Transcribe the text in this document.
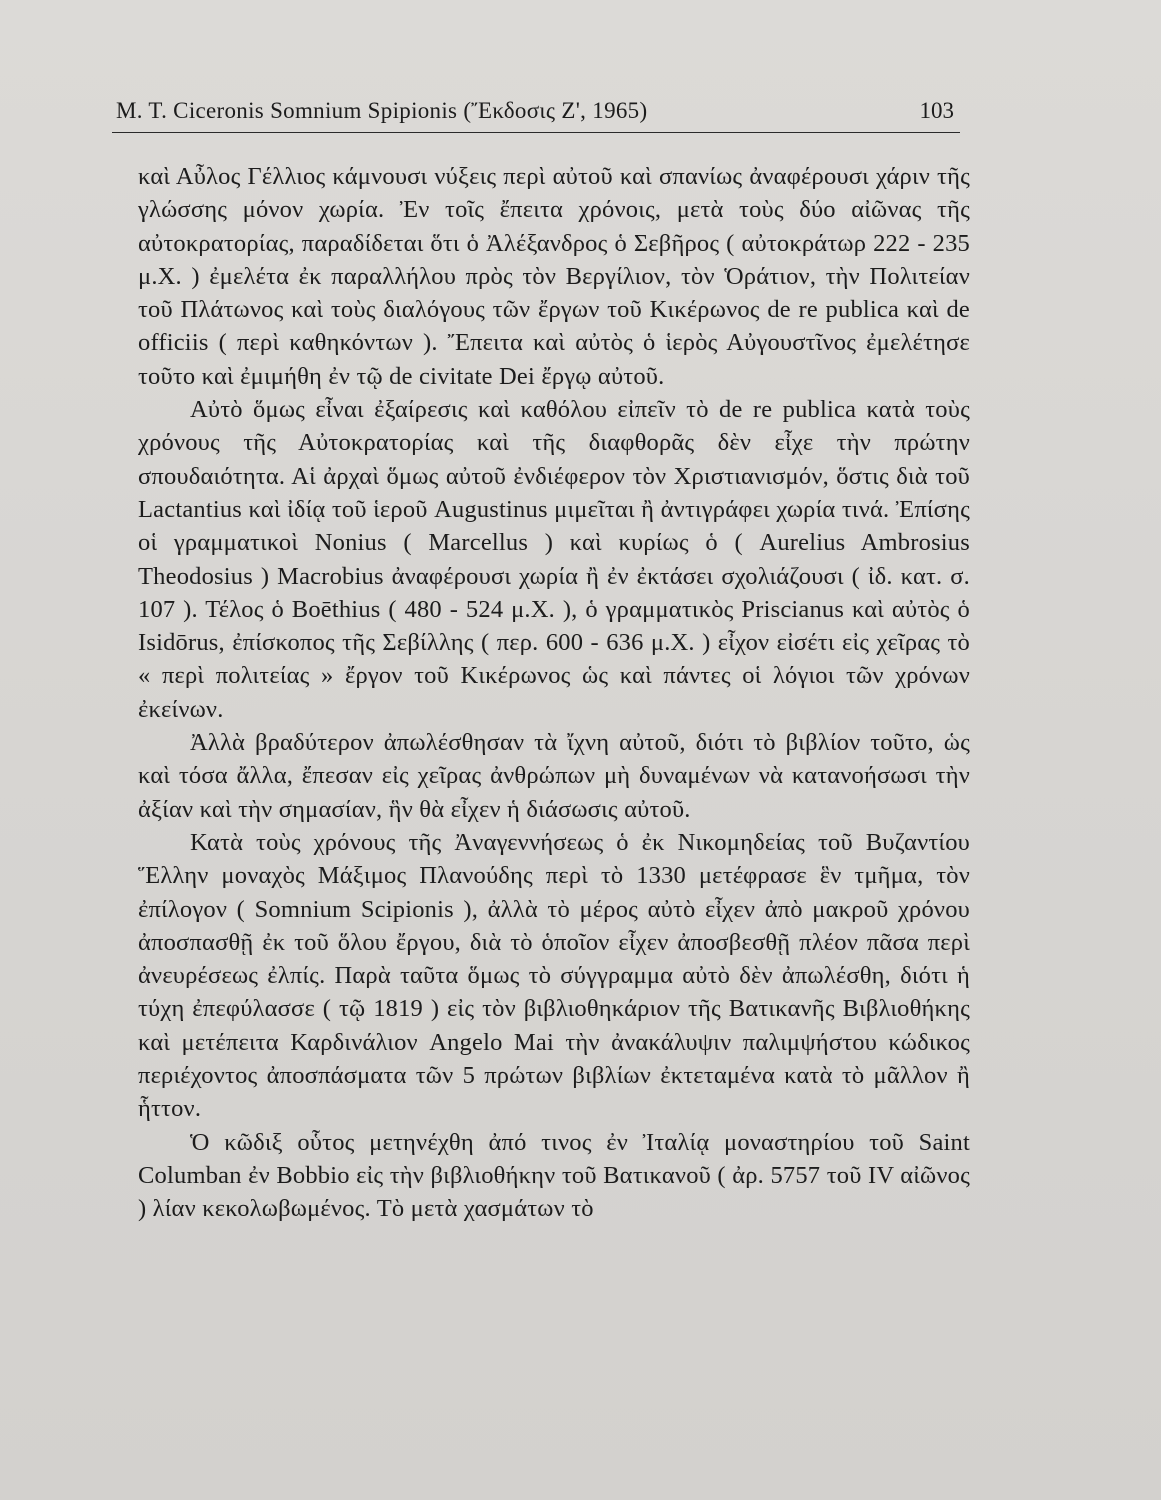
M. T. Ciceronis Somnium Spipionis (Ἔκδοσις Ζ', 1965)	103

καὶ Αὖλος Γέλλιος κάμνουσι νύξεις περὶ αὐτοῦ καὶ σπανίως ἀναφέρουσι χάριν τῆς γλώσσης μόνον χωρία. Ἐν τοῖς ἔπειτα χρόνοις, μετὰ τοὺς δύο αἰῶνας τῆς αὐτοκρατορίας, παραδίδεται ὅτι ὁ Ἀλέξανδρος ὁ Σεβῆρος ( αὐτοκράτωρ 222 - 235 μ.Χ. ) ἐμελέτα ἐκ παραλλήλου πρὸς τὸν Βεργίλιον, τὸν Ὁράτιον, τὴν Πολιτείαν τοῦ Πλάτωνος καὶ τοὺς διαλόγους τῶν ἔργων τοῦ Κικέρωνος de re publica καὶ de officiis ( περὶ καθηκόντων ). Ἔπειτα καὶ αὐτὸς ὁ ἱερὸς Αὐγουστῖνος ἐμελέτησε τοῦτο καὶ ἐμιμήθη ἐν τῷ de civitate Dei ἔργῳ αὐτοῦ.

Αὐτὸ ὅμως εἶναι ἐξαίρεσις καὶ καθόλου εἰπεῖν τὸ de re publica κατὰ τοὺς χρόνους τῆς Αὐτοκρατορίας καὶ τῆς διαφθορᾶς δὲν εἶχε τὴν πρώτην σπουδαιότητα. Αἱ ἀρχαὶ ὅμως αὐτοῦ ἐνδιέφερον τὸν Χριστιανισμόν, ὅστις διὰ τοῦ Lactantius καὶ ἰδίᾳ τοῦ ἱεροῦ Augustinus μιμεῖται ἢ ἀντιγράφει χωρία τινά. Ἐπίσης οἱ γραμματικοὶ Nonius ( Marcellus ) καὶ κυρίως ὁ ( Aurelius Ambrosius Theodosius ) Macrobius ἀναφέρουσι χωρία ἢ ἐν ἐκτάσει σχολιάζουσι ( ἰδ. κατ. σ. 107 ). Τέλος ὁ Boēthius ( 480 - 524 μ.Χ. ), ὁ γραμματικὸς Priscianus καὶ αὐτὸς ὁ Isidōrus, ἐπίσκοπος τῆς Σεβίλλης ( περ. 600 - 636 μ.Χ. ) εἶχον εἰσέτι εἰς χεῖρας τὸ « περὶ πολιτείας » ἔργον τοῦ Κικέρωνος ὡς καὶ πάντες οἱ λόγιοι τῶν χρόνων ἐκείνων.

Ἀλλὰ βραδύτερον ἀπωλέσθησαν τὰ ἴχνη αὐτοῦ, διότι τὸ βιβλίον τοῦτο, ὡς καὶ τόσα ἄλλα, ἔπεσαν εἰς χεῖρας ἀνθρώπων μὴ δυναμένων νὰ κατανοήσωσι τὴν ἀξίαν καὶ τὴν σημασίαν, ἣν θὰ εἶχεν ἡ διάσωσις αὐτοῦ.

Κατὰ τοὺς χρόνους τῆς Ἀναγεννήσεως ὁ ἐκ Νικομηδείας τοῦ Βυζαντίου Ἕλλην μοναχὸς Μάξιμος Πλανούδης περὶ τὸ 1330 μετέφρασε ἓν τμῆμα, τὸν ἐπίλογον ( Somnium Scipionis ), ἀλλὰ τὸ μέρος αὐτὸ εἶχεν ἀπὸ μακροῦ χρόνου ἀποσπασθῇ ἐκ τοῦ ὅλου ἔργου, διὰ τὸ ὁποῖον εἶχεν ἀποσβεσθῇ πλέον πᾶσα περὶ ἀνευρέσεως ἐλπίς. Παρὰ ταῦτα ὅμως τὸ σύγγραμμα αὐτὸ δὲν ἀπωλέσθη, διότι ἡ τύχη ἐπεφύλασσε ( τῷ 1819 ) εἰς τὸν βιβλιοθηκάριον τῆς Βατικανῆς Βιβλιοθήκης καὶ μετέπειτα Καρδινάλιον Angelo Mai τὴν ἀνακάλυψιν παλιμψήστου κώδικος περιέχοντος ἀποσπάσματα τῶν 5 πρώτων βιβλίων ἐκτεταμένα κατὰ τὸ μᾶλλον ἢ ἧττον.

Ὁ κῶδιξ οὗτος μετηνέχθη ἀπό τινος ἐν Ἰταλίᾳ μοναστηρίου τοῦ Saint Columban ἐν Bobbio εἰς τὴν βιβλιοθήκην τοῦ Βατικανοῦ ( ἀρ. 5757 τοῦ IV αἰῶνος ) λίαν κεκολωβωμένος. Τὸ μετὰ χασμάτων τὸ
